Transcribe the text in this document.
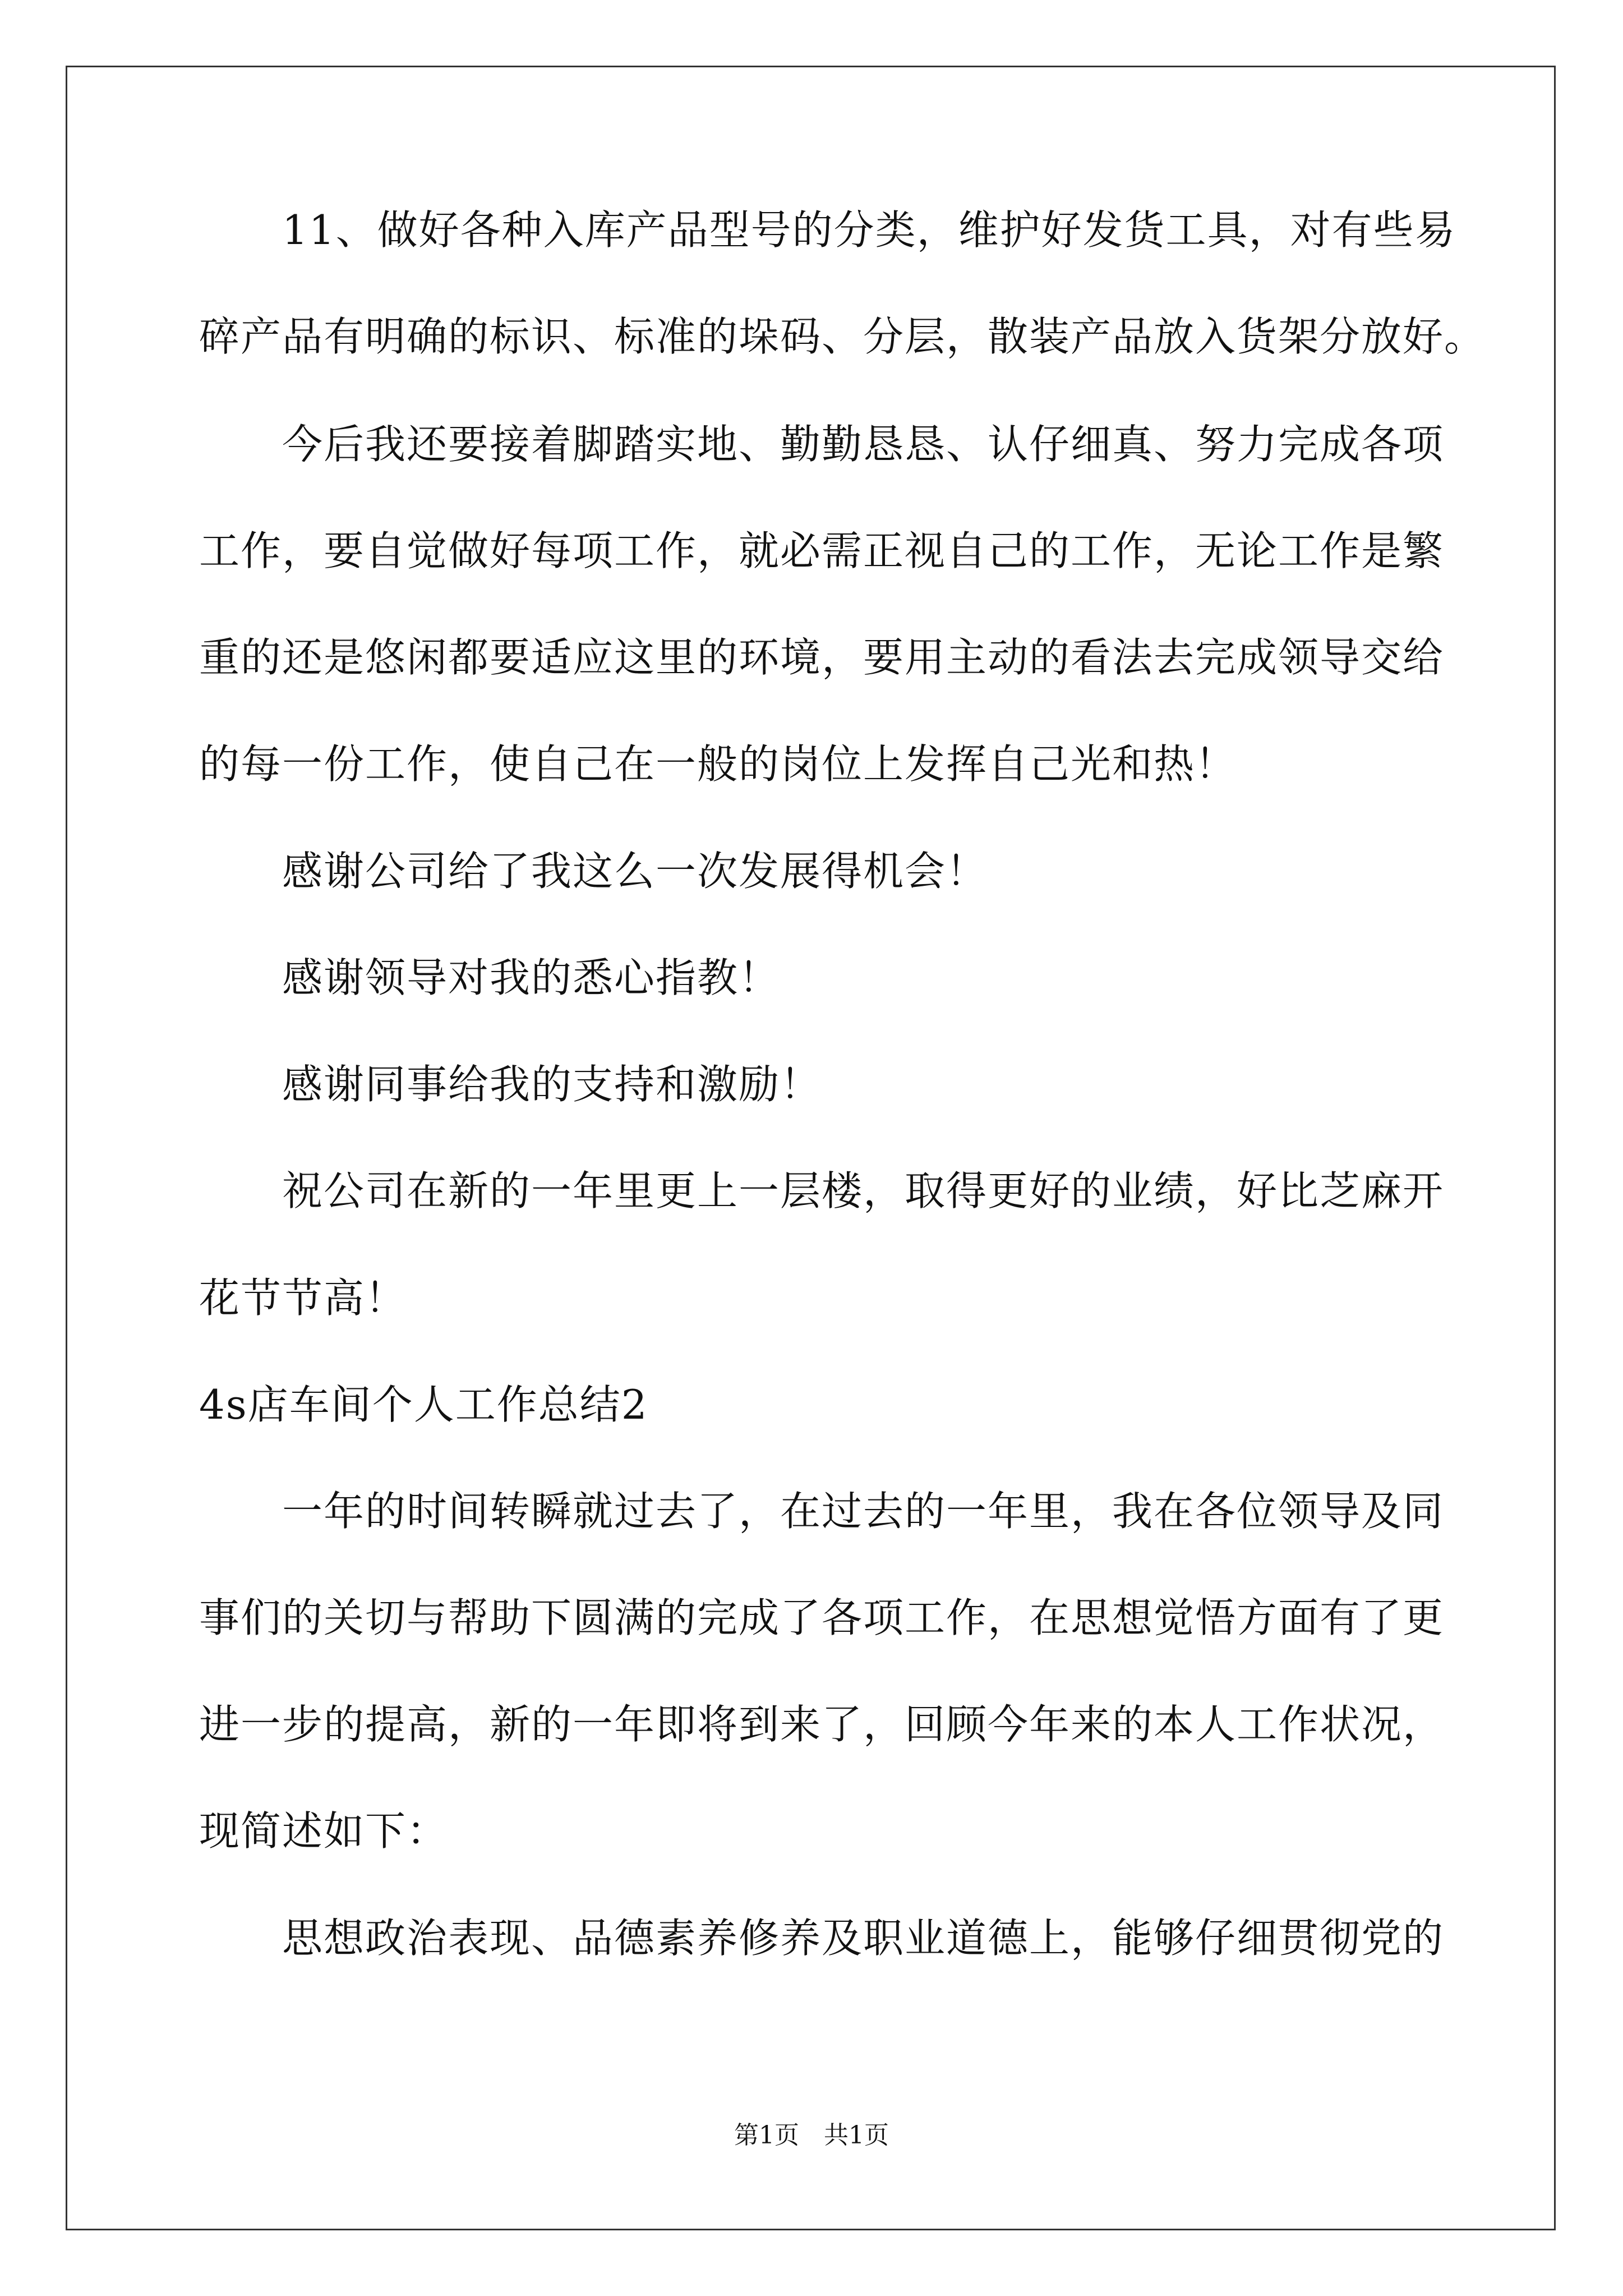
11、做好各种入库产品型号的分类，维护好发货工具，对有些易
碎产品有明确的标识、标准的垛码、分层，散装产品放入货架分放好。
今后我还要接着脚踏实地、勤勤恳恳、认仔细真、努力完成各项
工作，要自觉做好每项工作，就必需正视自己的工作，无论工作是繁
重的还是悠闲都要适应这里的环境，要用主动的看法去完成领导交给
的每一份工作，使自己在一般的岗位上发挥自己光和热！
感谢公司给了我这么一次发展得机会！
感谢领导对我的悉心指教！
感谢同事给我的支持和激励！
祝公司在新的一年里更上一层楼，取得更好的业绩，好比芝麻开
花节节高！
4s店车间个人工作总结2
一年的时间转瞬就过去了，在过去的一年里，我在各位领导及同
事们的关切与帮助下圆满的完成了各项工作，在思想觉悟方面有了更
进一步的提高，新的一年即将到来了，回顾今年来的本人工作状况，
现简述如下：
思想政治表现、品德素养修养及职业道德上，能够仔细贯彻党的
第1页　共1页
